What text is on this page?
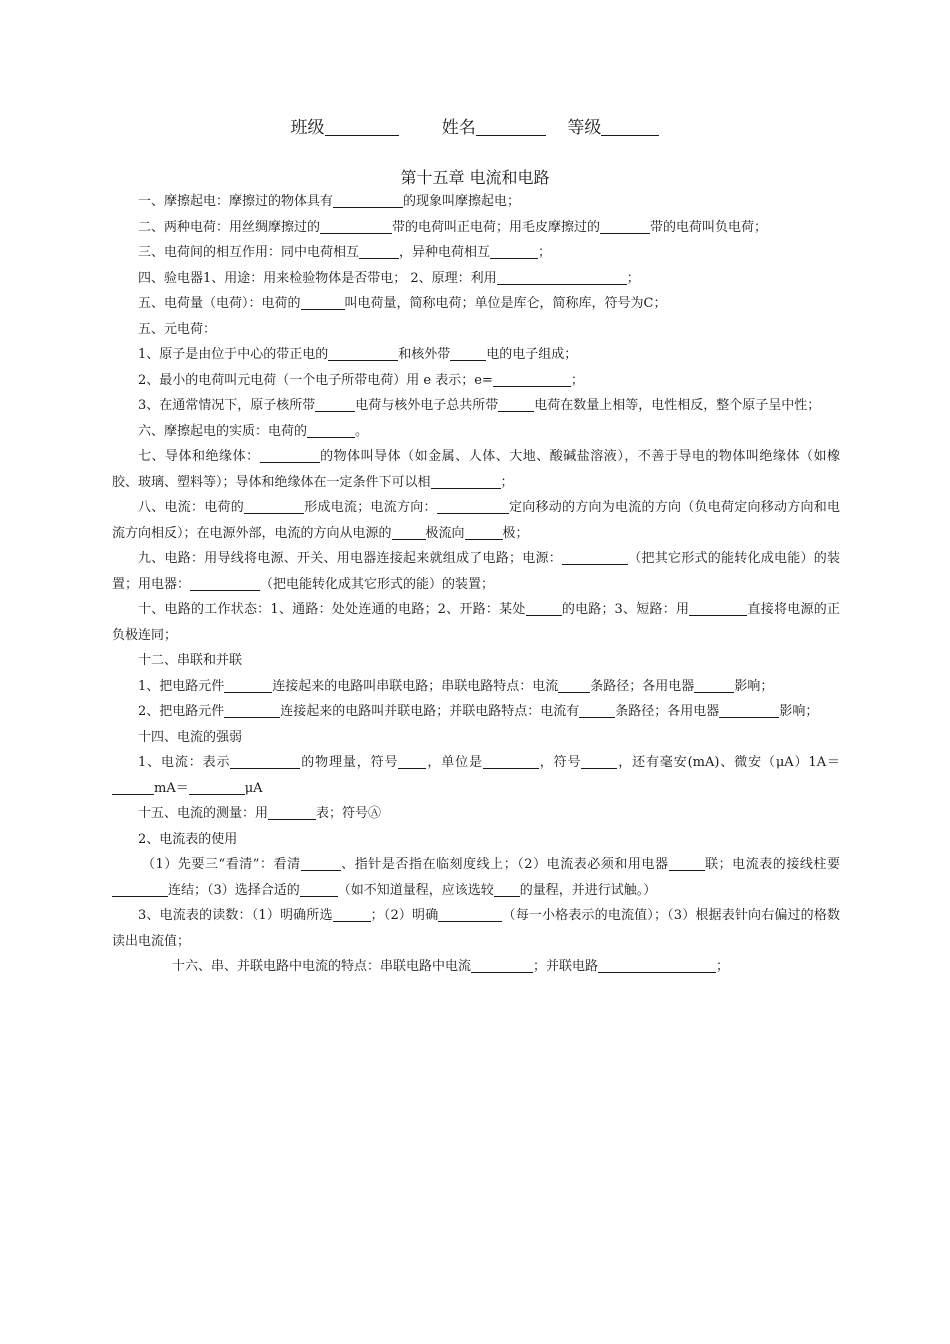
班级	姓名	等级
第十五章 电流和电路

一、摩擦起电：摩擦过的物体具有	的现象叫摩擦起电；

二、两种电荷：用丝绸摩擦过的	带的电荷叫正电荷；用毛皮摩擦过的	带的电荷叫负电荷；

三、电荷间的相互作用：同中电荷相互	，异种电荷相互	；

四、验电器1、用途：用来检验物体是否带电； 2、原理：利用	；

五、电荷量（电荷）：电荷的	叫电荷量，简称电荷；单位是库仑，简称库，符号为C；

五、元电荷：

1、原子是由位于中心的带正电的	和核外带	电的电子组成；

2、最小的电荷叫元电荷（一个电子所带电荷）用 e 表示；e=	；

3、在通常情况下，原子核所带	电荷与核外电子总共所带	电荷在数量上相等，电性相反，整个原子呈中性；

六、摩擦起电的实质：电荷的	。

七、导体和绝缘体：	的物体叫导体（如金属、人体、大地、酸碱盐溶液），不善于导电的物体叫绝缘体（如橡胶、玻璃、塑料等）；导体和绝缘体在一定条件下可以相	；

八、电流：电荷的	形成电流；电流方向：	定向移动的方向为电流的方向（负电荷定向移动方向和电流方向相反）；在电源外部，电流的方向从电源的	极流向	极；

九、电路：用导线将电源、开关、用电器连接起来就组成了电路；电源：	（把其它形式的能转化成电能）的装置；用电器：	（把电能转化成其它形式的能）的装置；

十、电路的工作状态：1、通路：处处连通的电路；2、开路：某处	的电路；3、短路：用	直接将电源的正负极连同；

十二、串联和并联

1、把电路元件	连接起来的电路叫串联电路；串联电路特点：电流 条路径；各用电器	影响；

2、把电路元件	连接起来的电路叫并联电路；并联电路特点：电流有	条路径；各用电器	影响；

十四、电流的强弱

1、电流：表示	的物理量，符号 ，单位是	，符号	，还有毫安(mA)、微安（μA）1A＝mA＝	μA

十五、电流的测量：用	表；符号Ⓐ

2、电流表的使用

（1）先要三“看清”：看清	、指针是否指在临刻度线上；（2）电流表必须和用电器	联；电流表的接线柱要连结；（3）选择合适的	（如不知道量程，应该选较 的量程，并进行试触。）

3、电流表的读数：（1）明确所选	；（2）明确	（每一小格表示的电流值）；（3）根据表针向右偏过的格数读出电流值；

十六、串、并联电路中电流的特点：串联电路中电流	；并联电路	；
